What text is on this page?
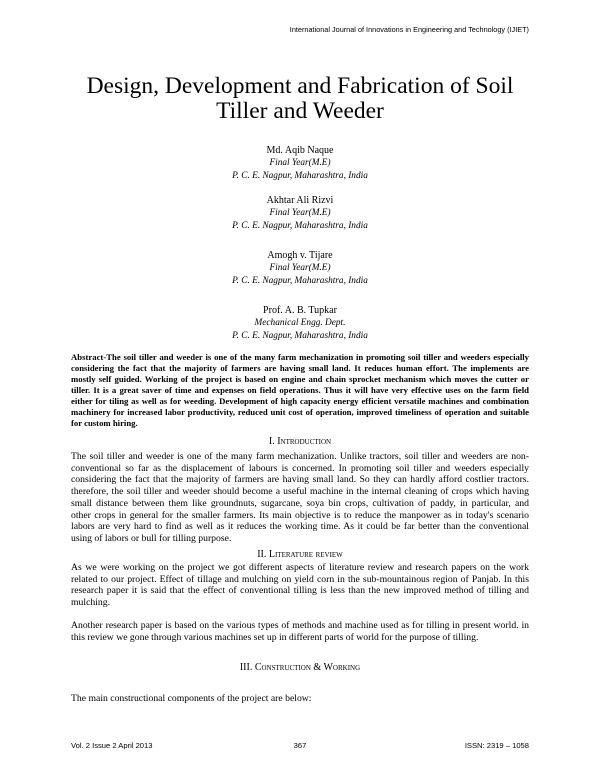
International Journal of Innovations in Engineering and Technology (IJIET)
Design, Development and Fabrication of Soil Tiller and Weeder
Md. Aqib Naque
Final Year(M.E)
P. C. E. Nagpur, Maharashtra, India
Akhtar Ali Rizvi
Final Year(M.E)
P. C. E. Nagpur, Maharashtra, India
Amogh v. Tijare
Final Year(M.E)
P. C. E. Nagpur, Maharashtra, India
Prof. A. B. Tupkar
Mechanical Engg. Dept.
P. C. E. Nagpur, Maharashtra, India
Abstract-The soil tiller and weeder is one of the many farm mechanization in promoting soil tiller and weeders especially
considering the fact that the majority of farmers are having small land. It reduces human effort. The implements are
mostly self guided. Working of the project is based on engine and chain sprocket mechanism which moves the cutter or
tiller. It is a great saver of time and expenses on field operations. Thus it will have very effective uses on the farm field
either for tiling as well as for weeding. Development of high capacity energy efficient versatile machines and combination
machinery for increased labor productivity, reduced unit cost of operation, improved timeliness of operation and suitable
for custom hiring.
I. Introduction
The soil tiller and weeder is one of the many farm mechanization. Unlike tractors, soil tiller and weeders are non-
conventional so far as the displacement of labours is concerned. In promoting soil tiller and weeders especially
considering the fact that the majority of farmers are having small land. So they can hardly afford costlier tractors.
therefore, the soil tiller and weeder should become a useful machine in the internal cleaning of crops which having
small distance between them like groundnuts, sugarcane, soya bin crops, cultivation of paddy, in particular, and
other crops in general for the smaller farmers. Its main objective is to reduce the manpower as in today's scenario
labors are very hard to find as well as it reduces the working time. As it could be far better than the conventional
using of labors or bull for tilling purpose.
II. Literature review
As we were working on the project we got different aspects of literature review and research papers on the work
related to our project. Effect of tillage and mulching on yield corn in the sub-mountainous region of Panjab. In this
research paper it is said that the effect of conventional tilling is less than the new improved method of tilling and
mulching.
Another research paper is based on the various types of methods and machine used as for tilling in present world. in
this review we gone through various machines set up in different parts of world for the purpose of tilling.
III. Construction & Working
The main constructional components of the project are below:
Vol. 2 Issue 2 April 2013	367	ISSN: 2319 – 1058
